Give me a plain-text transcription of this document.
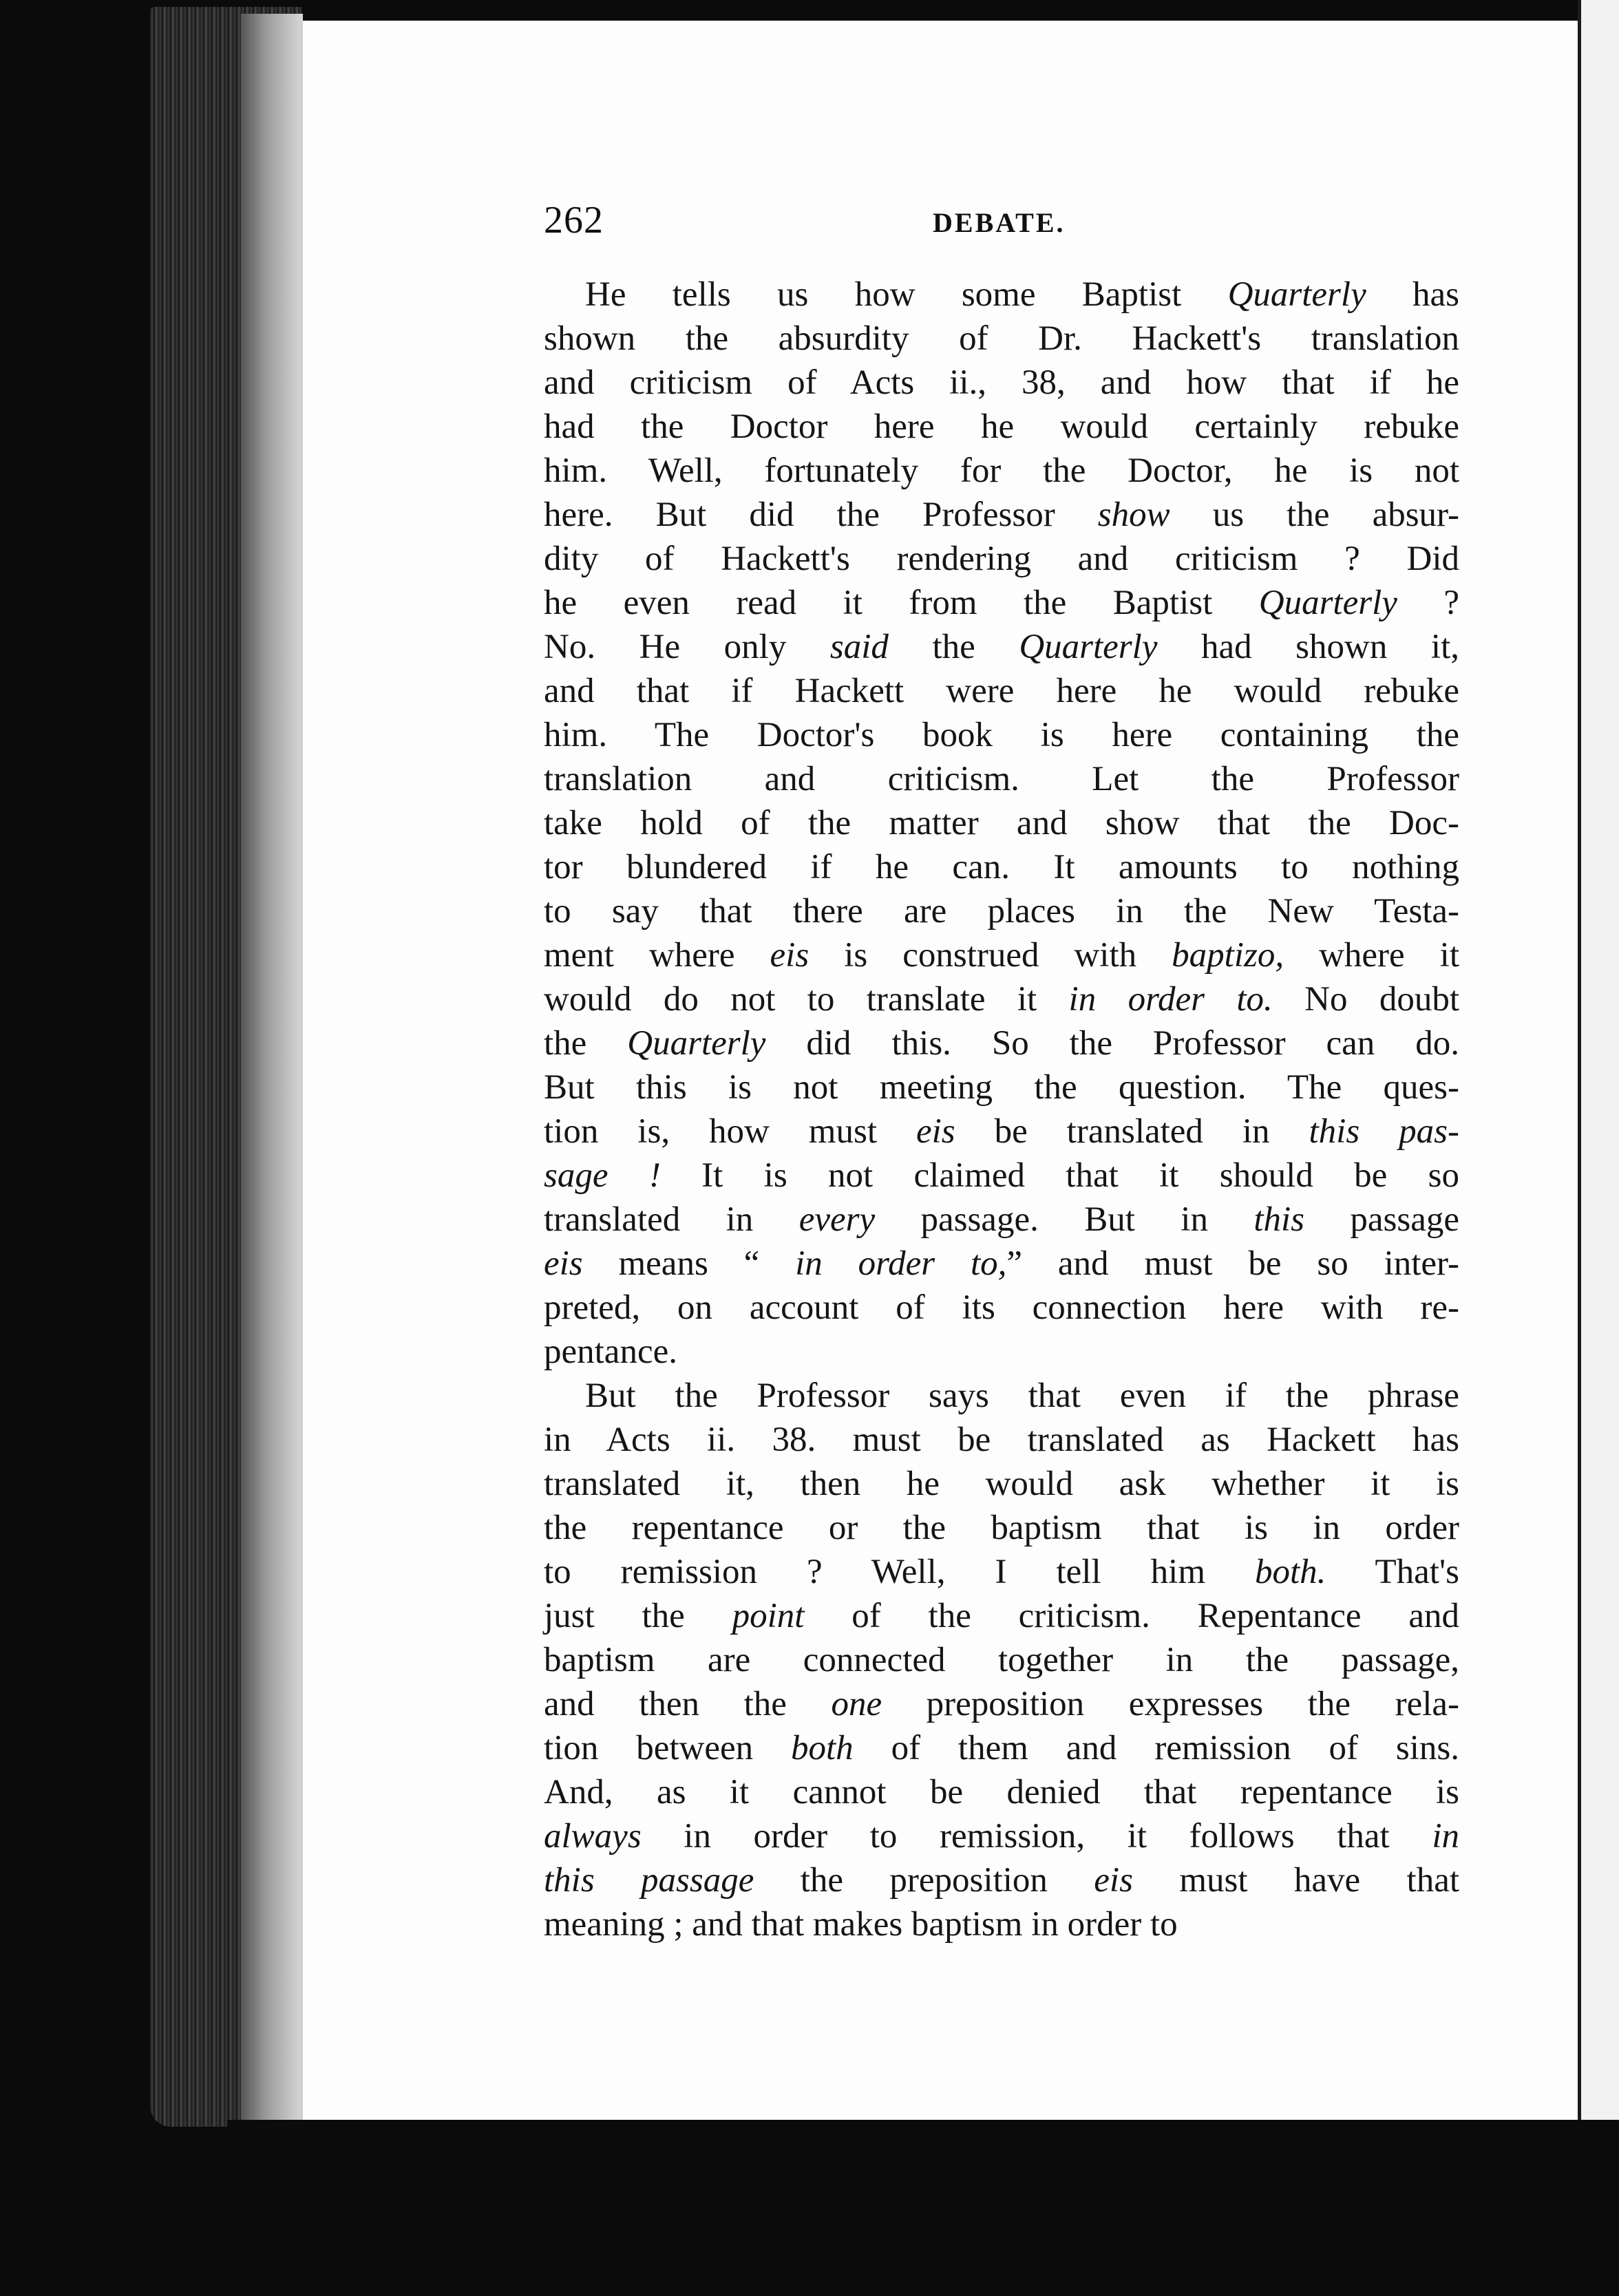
262	DEBATE.
He tells us how some Baptist Quarterly has
shown the absurdity of Dr. Hackett's translation
and criticism of Acts ii., 38, and how that if he
had the Doctor here he would certainly rebuke
him. Well, fortunately for the Doctor, he is not
here. But did the Professor show us the absur-
dity of Hackett's rendering and criticism ? Did
he even read it from the Baptist Quarterly ?
No. He only said the Quarterly had shown it,
and that if Hackett were here he would rebuke
him. The Doctor's book is here containing the
translation and criticism. Let the Professor
take hold of the matter and show that the Doc-
tor blundered if he can. It amounts to nothing
to say that there are places in the New Testa-
ment where eis is construed with baptizo, where it
would do not to translate it in order to. No doubt
the Quarterly did this. So the Professor can do.
But this is not meeting the question. The ques-
tion is, how must eis be translated in this pas-
sage ! It is not claimed that it should be so
translated in every passage. But in this passage
eis means “ in order to,” and must be so inter-
preted, on account of its connection here with re-
pentance.
But the Professor says that even if the phrase
in Acts ii. 38. must be translated as Hackett has
translated it, then he would ask whether it is
the repentance or the baptism that is in order
to remission ? Well, I tell him both. That's
just the point of the criticism. Repentance and
baptism are connected together in the passage,
and then the one preposition expresses the rela-
tion between both of them and remission of sins.
And, as it cannot be denied that repentance is
always in order to remission, it follows that in
this passage the preposition eis must have that
meaning ; and that makes baptism in order to
